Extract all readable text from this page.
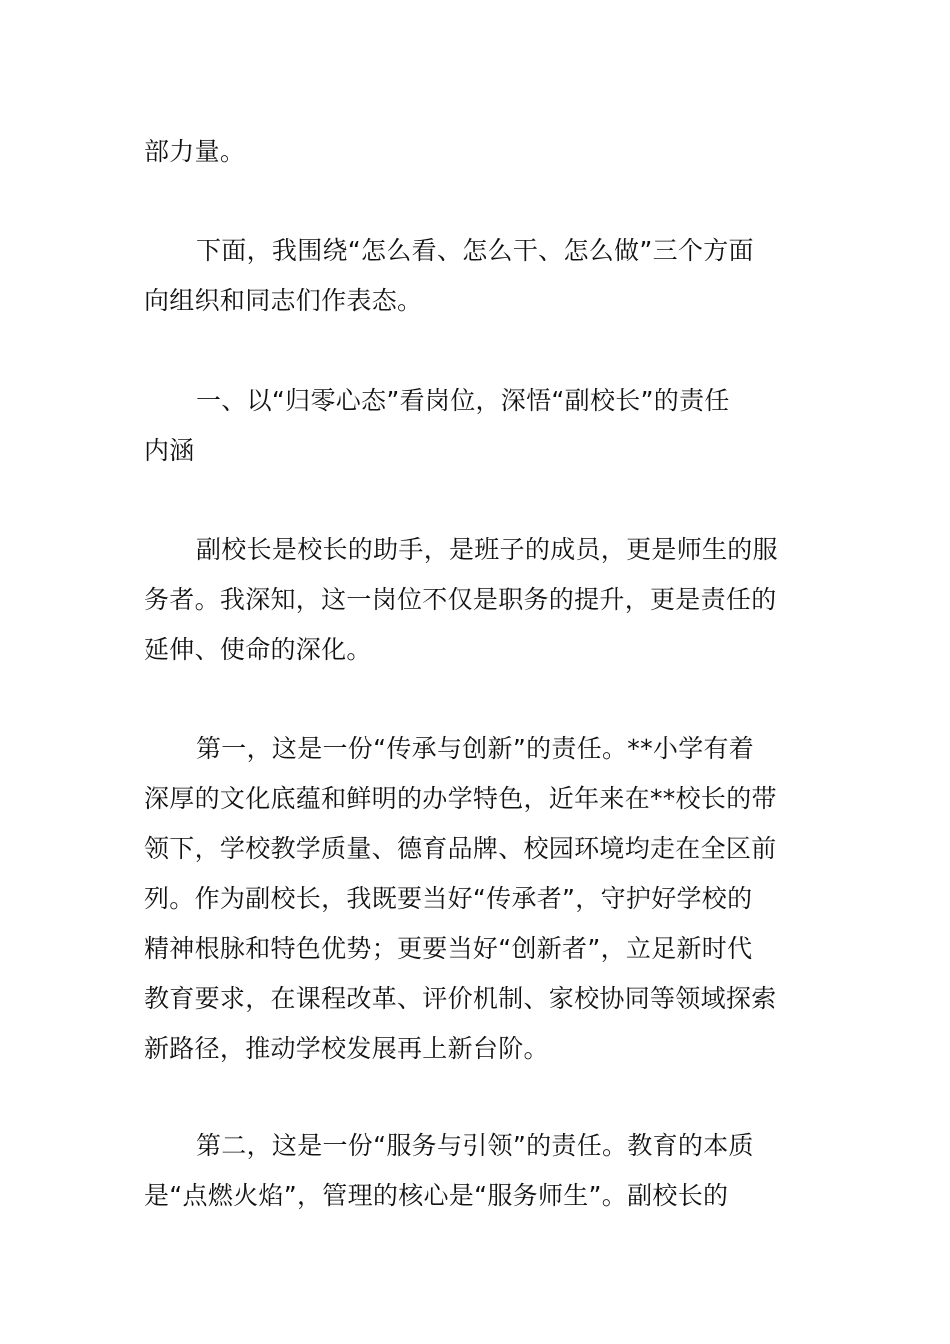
部力量。
下面，我围绕“怎么看、怎么干、怎么做”三个方面
向组织和同志们作表态。
一、以“归零心态”看岗位，深悟“副校长”的责任
内涵
副校长是校长的助手，是班子的成员，更是师生的服
务者。我深知，这一岗位不仅是职务的提升，更是责任的
延伸、使命的深化。
第一，这是一份“传承与创新”的责任。**小学有着
深厚的文化底蕴和鲜明的办学特色，近年来在**校长的带
领下，学校教学质量、德育品牌、校园环境均走在全区前
列。作为副校长，我既要当好“传承者”，守护好学校的
精神根脉和特色优势；更要当好“创新者”，立足新时代
教育要求，在课程改革、评价机制、家校协同等领域探索
新路径，推动学校发展再上新台阶。
第二，这是一份“服务与引领”的责任。教育的本质
是“点燃火焰”，管理的核心是“服务师生”。副校长的
